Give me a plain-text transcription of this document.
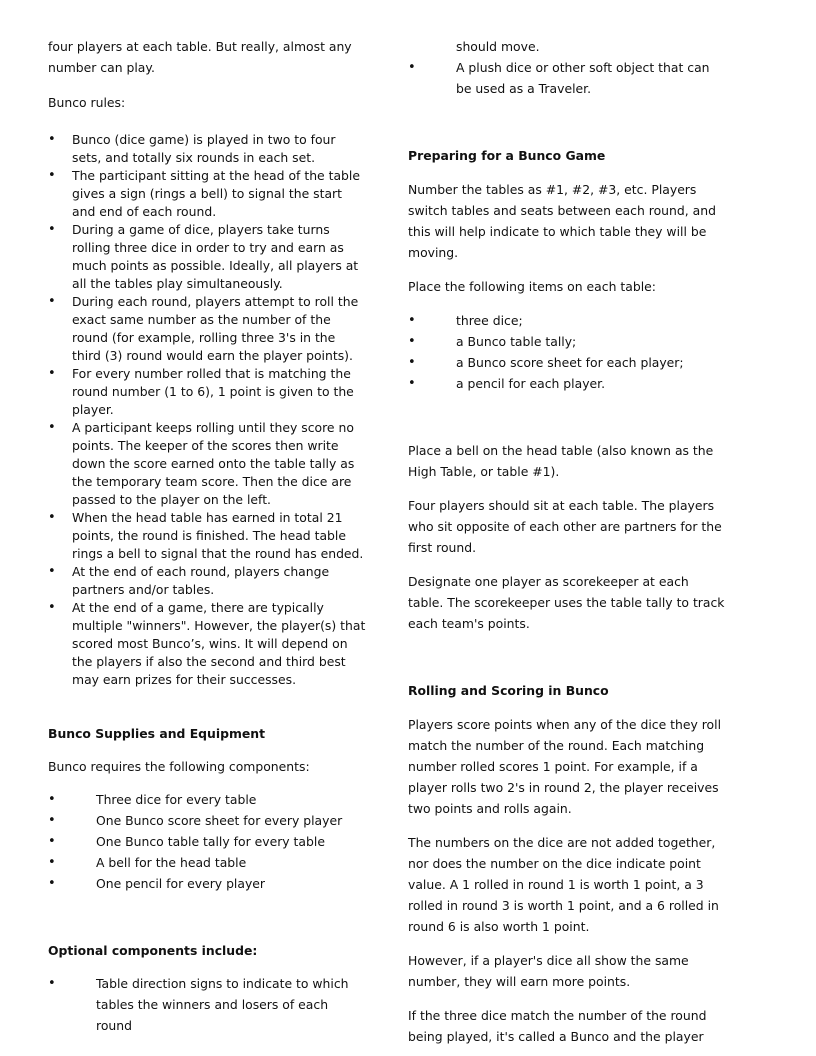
four players at each table. But really, almost any number can play.

Bunco rules:

• Bunco (dice game) is played in two to four sets, and totally six rounds in each set.
• The participant sitting at the head of the table gives a sign (rings a bell) to signal the start and end of each round.
• During a game of dice, players take turns rolling three dice in order to try and earn as much points as possible. Ideally, all players at all the tables play simultaneously.
• During each round, players attempt to roll the exact same number as the number of the round (for example, rolling three 3's in the third (3) round would earn the player points).
• For every number rolled that is matching the round number (1 to 6), 1 point is given to the player.
• A participant keeps rolling until they score no points. The keeper of the scores then write down the score earned onto the table tally as the temporary team score. Then the dice are passed to the player on the left.
• When the head table has earned in total 21 points, the round is finished. The head table rings a bell to signal that the round has ended.
• At the end of each round, players change partners and/or tables.
• At the end of a game, there are typically multiple "winners". However, the player(s) that scored most Bunco’s, wins. It will depend on the players if also the second and third best may earn prizes for their successes.

Bunco Supplies and Equipment

Bunco requires the following components:

• Three dice for every table
• One Bunco score sheet for every player
• One Bunco table tally for every table
• A bell for the head table
• One pencil for every player

Optional components include:

• Table direction signs to indicate to which tables the winners and losers of each round

should move.

• A plush dice or other soft object that can be used as a Traveler.

Preparing for a Bunco Game

Number the tables as #1, #2, #3, etc. Players switch tables and seats between each round, and this will help indicate to which table they will be moving.

Place the following items on each table:

• three dice;
• a Bunco table tally;
• a Bunco score sheet for each player;
• a pencil for each player.

Place a bell on the head table (also known as the High Table, or table #1).

Four players should sit at each table. The players who sit opposite of each other are partners for the first round.

Designate one player as scorekeeper at each table. The scorekeeper uses the table tally to track each team's points.

Rolling and Scoring in Bunco

Players score points when any of the dice they roll match the number of the round. Each matching number rolled scores 1 point. For example, if a player rolls two 2's in round 2, the player receives two points and rolls again.

The numbers on the dice are not added together, nor does the number on the dice indicate point value. A 1 rolled in round 1 is worth 1 point, a 3 rolled in round 3 is worth 1 point, and a 6 rolled in round 6 is also worth 1 point.

However, if a player's dice all show the same number, they will earn more points.

If the three dice match the number of the round being played, it's called a Bunco and the player
